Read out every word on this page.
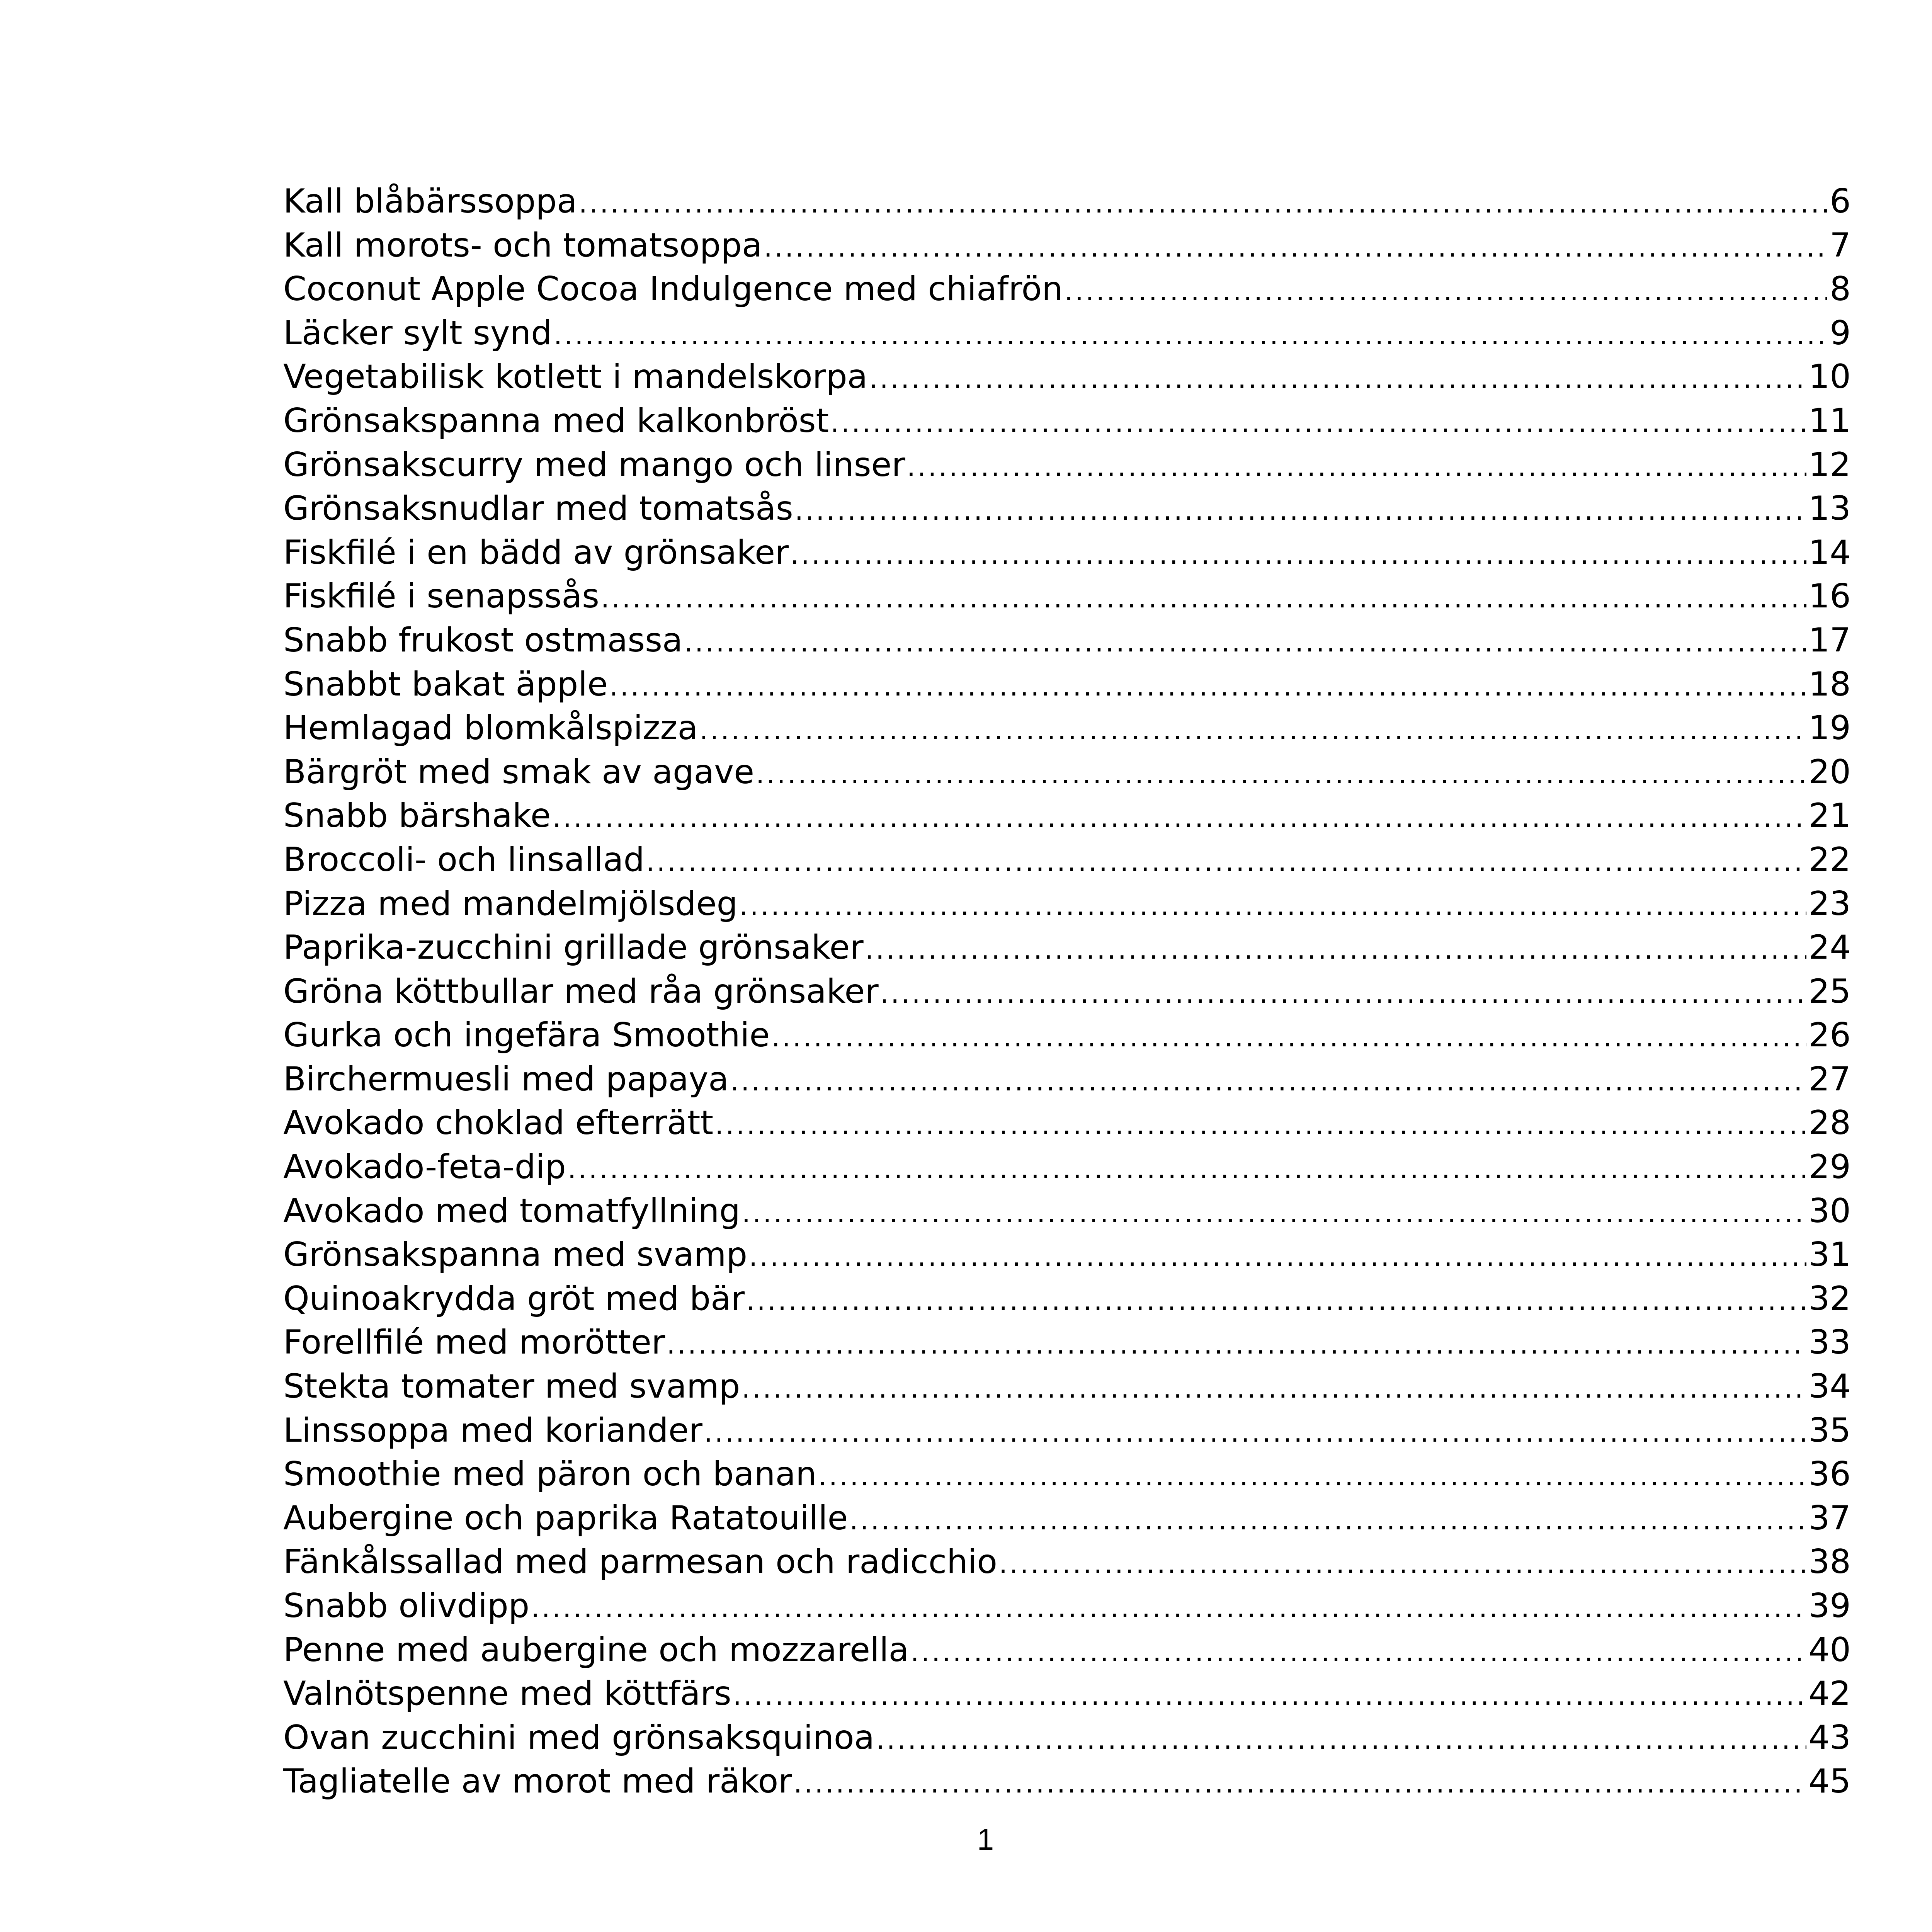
Kall blåbärssoppa .....	6
Kall morots- och tomatsoppa .....	7
Coconut Apple Cocoa Indulgence med chiafrön .....	8
Läcker sylt synd .....	9
Vegetabilisk kotlett i mandelskorpa .....	10
Grönsakspanna med kalkonbröst .....	11
Grönsakscurry med mango och linser .....	12
Grönsaksnudlar med tomatsås .....	13
Fiskfilé i en bädd av grönsaker .....	14
Fiskfilé i senapssås .....	16
Snabb frukost ostmassa .....	17
Snabbt bakat äpple .....	18
Hemlagad blomkålspizza .....	19
Bärgröt med smak av agave .....	20
Snabb bärshake .....	21
Broccoli- och linsallad .....	22
Pizza med mandelmjölsdeg .....	23
Paprika-zucchini grillade grönsaker .....	24
Gröna köttbullar med råa grönsaker .....	25
Gurka och ingefära Smoothie .....	26
Birchermuesli med papaya .....	27
Avokado choklad efterrätt .....	28
Avokado-feta-dip .....	29
Avokado med tomatfyllning .....	30
Grönsakspanna med svamp .....	31
Quinoakrydda gröt med bär .....	32
Forellfilé med morötter .....	33
Stekta tomater med svamp .....	34
Linssoppa med koriander .....	35
Smoothie med päron och banan .....	36
Aubergine och paprika Ratatouille .....	37
Fänkålssallad med parmesan och radicchio .....	38
Snabb olivdipp .....	39
Penne med aubergine och mozzarella .....	40
Valnötspenne med köttfärs .....	42
Ovan zucchini med grönsaksquinoa .....	43
Tagliatelle av morot med räkor .....	45
1
